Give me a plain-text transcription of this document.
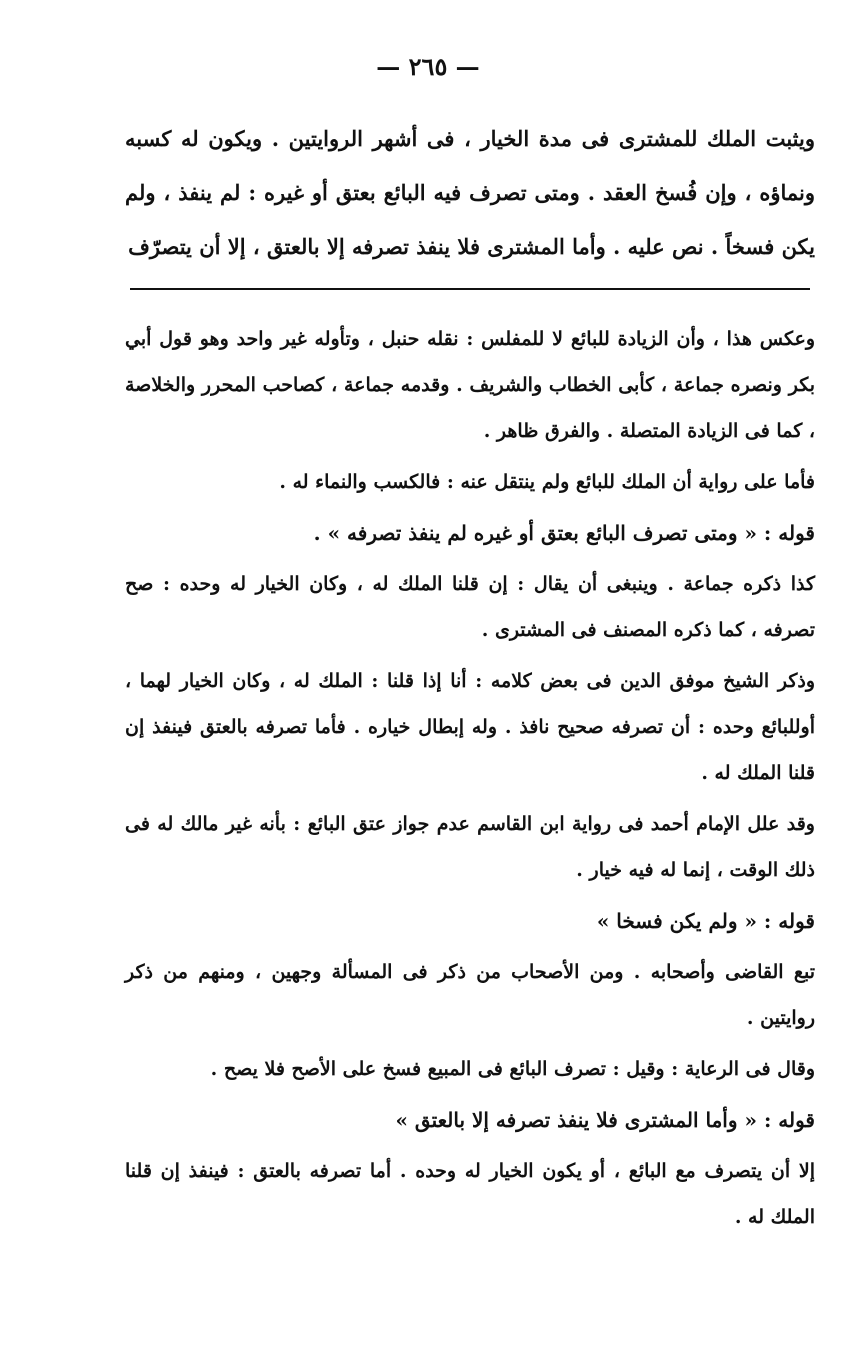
— ٢٦٥ —

ويثبت الملك للمشترى فى مدة الخيار ، فى أشهر الروايتين . ويكون له كسبه ونماؤه ، وإن فُسخ العقد . ومتى تصرف فيه البائع بعتق أو غيره : لم ينفذ ، ولم يكن فسخاً . نص عليه . وأما المشترى فلا ينفذ تصرفه إلا بالعتق ، إلا أن يتصرّف

وعكس هذا ، وأن الزيادة للبائع لا للمفلس : نقله حنبل ، وتأوله غير واحد وهو قول أبي بكر ونصره جماعة ، كأبى الخطاب والشريف . وقدمه جماعة ، كصاحب المحرر والخلاصة ، كما فى الزيادة المتصلة . والفرق ظاهر .

فأما على رواية أن الملك للبائع ولم ينتقل عنه : فالكسب والنماء له .

قوله : « ومتى تصرف البائع بعتق أو غيره لم ينفذ تصرفه » .

كذا ذكره جماعة . وينبغى أن يقال : إن قلنا الملك له ، وكان الخيار له وحده : صح تصرفه ، كما ذكره المصنف فى المشترى .

وذكر الشيخ موفق الدين فى بعض كلامه : أنا إذا قلنا : الملك له ، وكان الخيار لهما ، أوللبائع وحده : أن تصرفه صحيح نافذ . وله إبطال خياره . فأما تصرفه بالعتق فينفذ إن قلنا الملك له .

وقد علل الإمام أحمد فى رواية ابن القاسم عدم جواز عتق البائع : بأنه غير مالك له فى ذلك الوقت ، إنما له فيه خيار .

قوله : « ولم يكن فسخا »

تبع القاضى وأصحابه . ومن الأصحاب من ذكر فى المسألة وجهين ، ومنهم من ذكر روايتين .

وقال فى الرعاية : وقيل : تصرف البائع فى المبيع فسخ على الأصح فلا يصح .

قوله : « وأما المشترى فلا ينفذ تصرفه إلا بالعتق »

إلا أن يتصرف مع البائع ، أو يكون الخيار له وحده . أما تصرفه بالعتق : فينفذ إن قلنا الملك له .
